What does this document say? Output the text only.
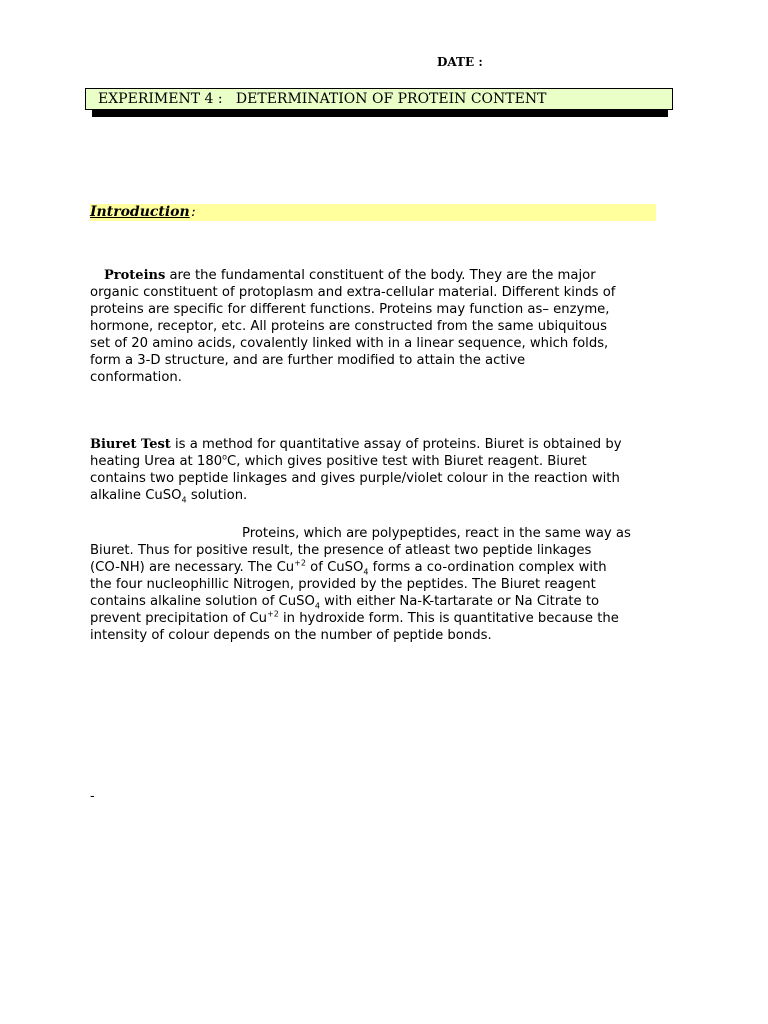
DATE :
EXPERIMENT 4 :   DETERMINATION OF PROTEIN CONTENT
Introduction :
Proteins are the fundamental constituent of the body. They are the major
organic constituent of protoplasm and extra-cellular material. Different kinds of
proteins are specific for different functions. Proteins may function as– enzyme,
hormone, receptor, etc. All proteins are constructed from the same ubiquitous
set of 20 amino acids, covalently linked with in a linear sequence, which folds,
form a 3-D structure, and are further modified to attain the active
conformation.
Biuret Test is a method for quantitative assay of proteins. Biuret is obtained by
heating Urea at 180$^o$C, which gives positive test with Biuret reagent. Biuret
contains two peptide linkages and gives purple/violet colour in the reaction with
alkaline CuSO$_4$ solution.
Proteins, which are polypeptides, react in the same way as
Biuret. Thus for positive result, the presence of atleast two peptide linkages
(CO-NH) are necessary. The $Cu^{+2}$ of CuSO$_4$ forms a co-ordination complex with
the four nucleophillic Nitrogen, provided by the peptides. The Biuret reagent
contains alkaline solution of CuSO$_4$ with either Na-K-tartarate or Na Citrate to
prevent precipitation of $Cu^{+2}$ in hydroxide form. This is quantitative because the
intensity of colour depends on the number of peptide bonds.
-
